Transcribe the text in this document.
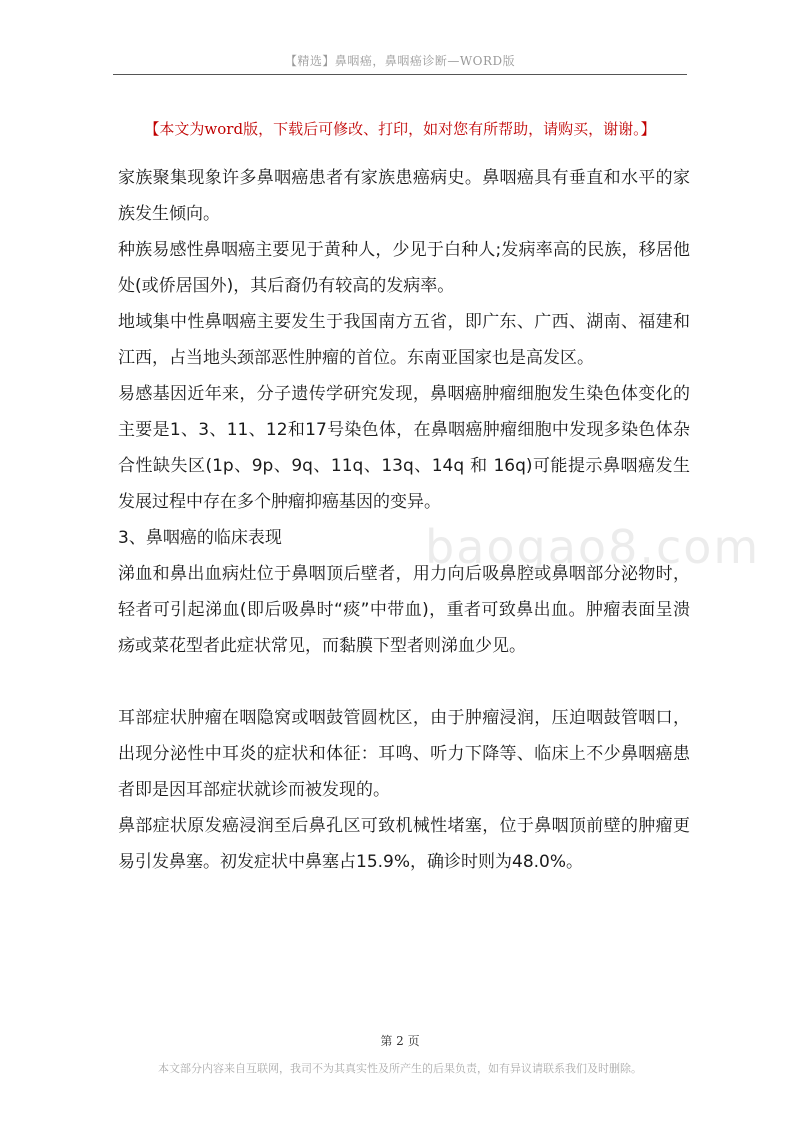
【精选】鼻咽癌，鼻咽癌诊断—WORD版
【本文为word版，下载后可修改、打印，如对您有所帮助，请购买，谢谢。】
baogao8.com

家族聚集现象许多鼻咽癌患者有家族患癌病史。鼻咽癌具有垂直和水平的家族发生倾向。

种族易感性鼻咽癌主要见于黄种人，少见于白种人;发病率高的民族，移居他处(或侨居国外)，其后裔仍有较高的发病率。

地域集中性鼻咽癌主要发生于我国南方五省，即广东、广西、湖南、福建和江西，占当地头颈部恶性肿瘤的首位。东南亚国家也是高发区。

易感基因近年来，分子遗传学研究发现，鼻咽癌肿瘤细胞发生染色体变化的主要是1、3、11、12和17号染色体，在鼻咽癌肿瘤细胞中发现多染色体杂合性缺失区(1p、9p、9q、11q、13q、14q 和 16q)可能提示鼻咽癌发生发展过程中存在多个肿瘤抑癌基因的变异。

3、鼻咽癌的临床表现

涕血和鼻出血病灶位于鼻咽顶后壁者，用力向后吸鼻腔或鼻咽部分泌物时，轻者可引起涕血(即后吸鼻时“痰”中带血)，重者可致鼻出血。肿瘤表面呈溃疡或菜花型者此症状常见，而黏膜下型者则涕血少见。

耳部症状肿瘤在咽隐窝或咽鼓管圆枕区，由于肿瘤浸润，压迫咽鼓管咽口，出现分泌性中耳炎的症状和体征：耳鸣、听力下降等、临床上不少鼻咽癌患者即是因耳部症状就诊而被发现的。

鼻部症状原发癌浸润至后鼻孔区可致机械性堵塞，位于鼻咽顶前壁的肿瘤更易引发鼻塞。初发症状中鼻塞占15.9%，确诊时则为48.0%。

第 2 页
本文部分内容来自互联网，我司不为其真实性及所产生的后果负责，如有异议请联系我们及时删除。
